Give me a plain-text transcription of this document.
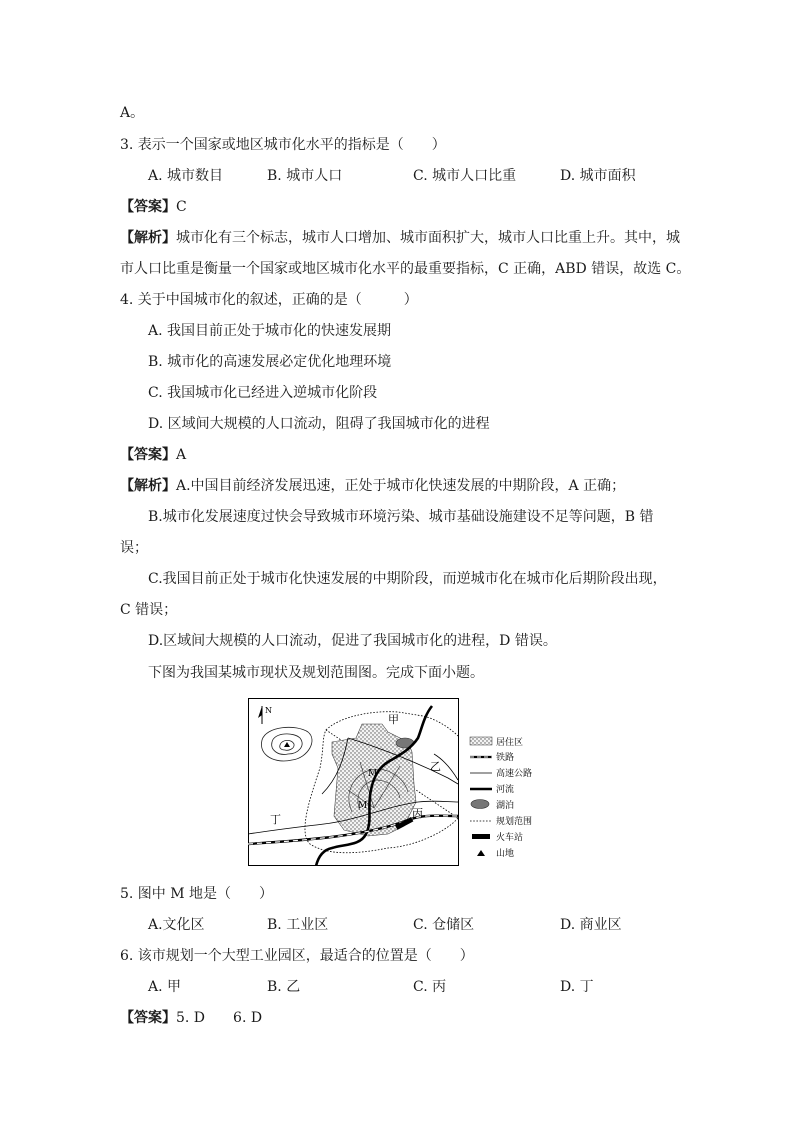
A。
3. 表示一个国家或地区城市化水平的指标是（　　）
A. 城市数目	B. 城市人口	C. 城市人口比重	D. 城市面积
【答案】C
【解析】城市化有三个标志，城市人口增加、城市面积扩大，城市人口比重上升。其中，城
市人口比重是衡量一个国家或地区城市化水平的最重要指标，C 正确，ABD 错误，故选 C。
4. 关于中国城市化的叙述，正确的是（　　　）
A. 我国目前正处于城市化的快速发展期
B. 城市化的高速发展必定优化地理环境
C. 我国城市化已经进入逆城市化阶段
D. 区域间大规模的人口流动，阻碍了我国城市化的进程
【答案】A
【解析】A.中国目前经济发展迅速，正处于城市化快速发展的中期阶段，A 正确；
B.城市化发展速度过快会导致城市环境污染、城市基础设施建设不足等问题，B 错
误；
C.我国目前正处于城市化快速发展的中期阶段，而逆城市化在城市化后期阶段出现，
C 错误；
D.区域间大规模的人口流动，促进了我国城市化的进程，D 错误。
下图为我国某城市现状及规划范围图。完成下面小题。
N
甲
乙
丙
丁
M
M
居住区
铁路
高速公路
河流
湖泊
规划范围
火车站
山地
5. 图中 M 地是（　　）
A.文化区	B. 工业区	C. 仓储区	D. 商业区
6. 该市规划一个大型工业园区，最适合的位置是（　　）
A. 甲	B. 乙	C. 丙	D. 丁
【答案】5. D　　6. D
